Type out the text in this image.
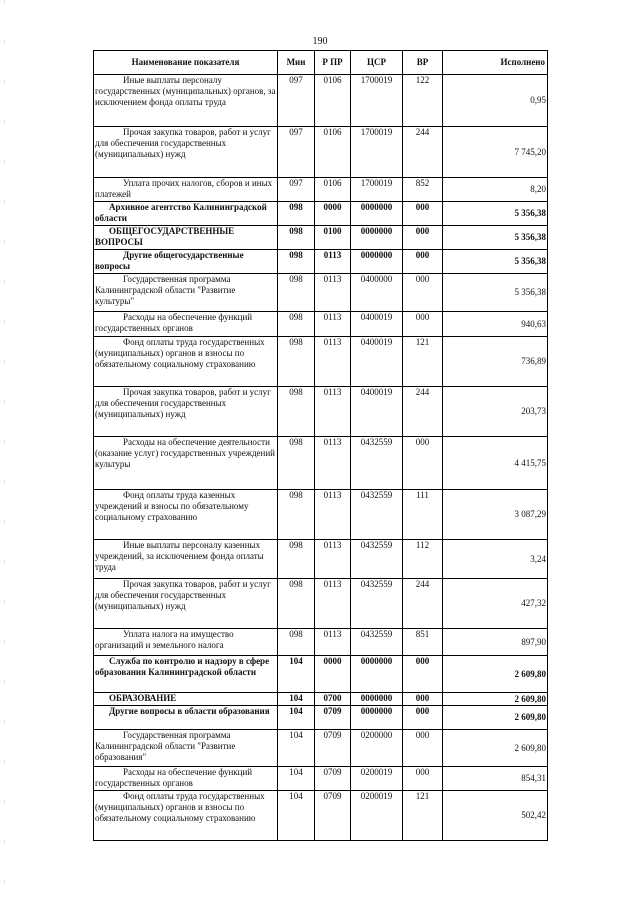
190
Наименование показателя	Мин	Р ПР	ЦСР	ВР	Исполнено
Иные выплаты персоналу государственных (муниципальных) органов, за исключением фонда оплаты труда	097	0106	1700019	122	0,95
Прочая закупка товаров, работ и услуг для обеспечения государственных (муниципальных) нужд	097	0106	1700019	244	7 745,20
Уплата прочих налогов, сборов и иных платежей	097	0106	1700019	852	8,20
Архивное агентство Калининградской области	098	0000	0000000	000	5 356,38
ОБЩЕГОСУДАРСТВЕННЫЕ ВОПРОСЫ	098	0100	0000000	000	5 356,38
Другие общегосударственные вопросы	098	0113	0000000	000	5 356,38
Государственная программа Калининградской области "Развитие культуры"	098	0113	0400000	000	5 356,38
Расходы на обеспечение функций государственных органов	098	0113	0400019	000	940,63
Фонд оплаты труда государственных (муниципальных) органов и взносы по обязательному социальному страхованию	098	0113	0400019	121	736,89
Прочая закупка товаров, работ и услуг для обеспечения государственных (муниципальных) нужд	098	0113	0400019	244	203,73
Расходы на обеспечение деятельности (оказание услуг) государственных учреждений культуры	098	0113	0432559	000	4 415,75
Фонд оплаты труда казенных учреждений и взносы по обязательному социальному страхованию	098	0113	0432559	111	3 087,29
Иные выплаты персоналу казенных учреждений, за исключением фонда оплаты труда	098	0113	0432559	112	3,24
Прочая закупка товаров, работ и услуг для обеспечения государственных (муниципальных) нужд	098	0113	0432559	244	427,32
Уплата налога на имущество организаций и земельного налога	098	0113	0432559	851	897,90
Служба по контролю и надзору в сфере образования Калининградской области	104	0000	0000000	000	2 609,80
ОБРАЗОВАНИЕ	104	0700	0000000	000	2 609,80
Другие вопросы в области образования	104	0709	0000000	000	2 609,80
Государственная программа Калининградской области "Развитие образования"	104	0709	0200000	000	2 609,80
Расходы на обеспечение функций государственных органов	104	0709	0200019	000	854,31
Фонд оплаты труда государственных (муниципальных) органов и взносы по обязательному социальному страхованию	104	0709	0200019	121	502,42
